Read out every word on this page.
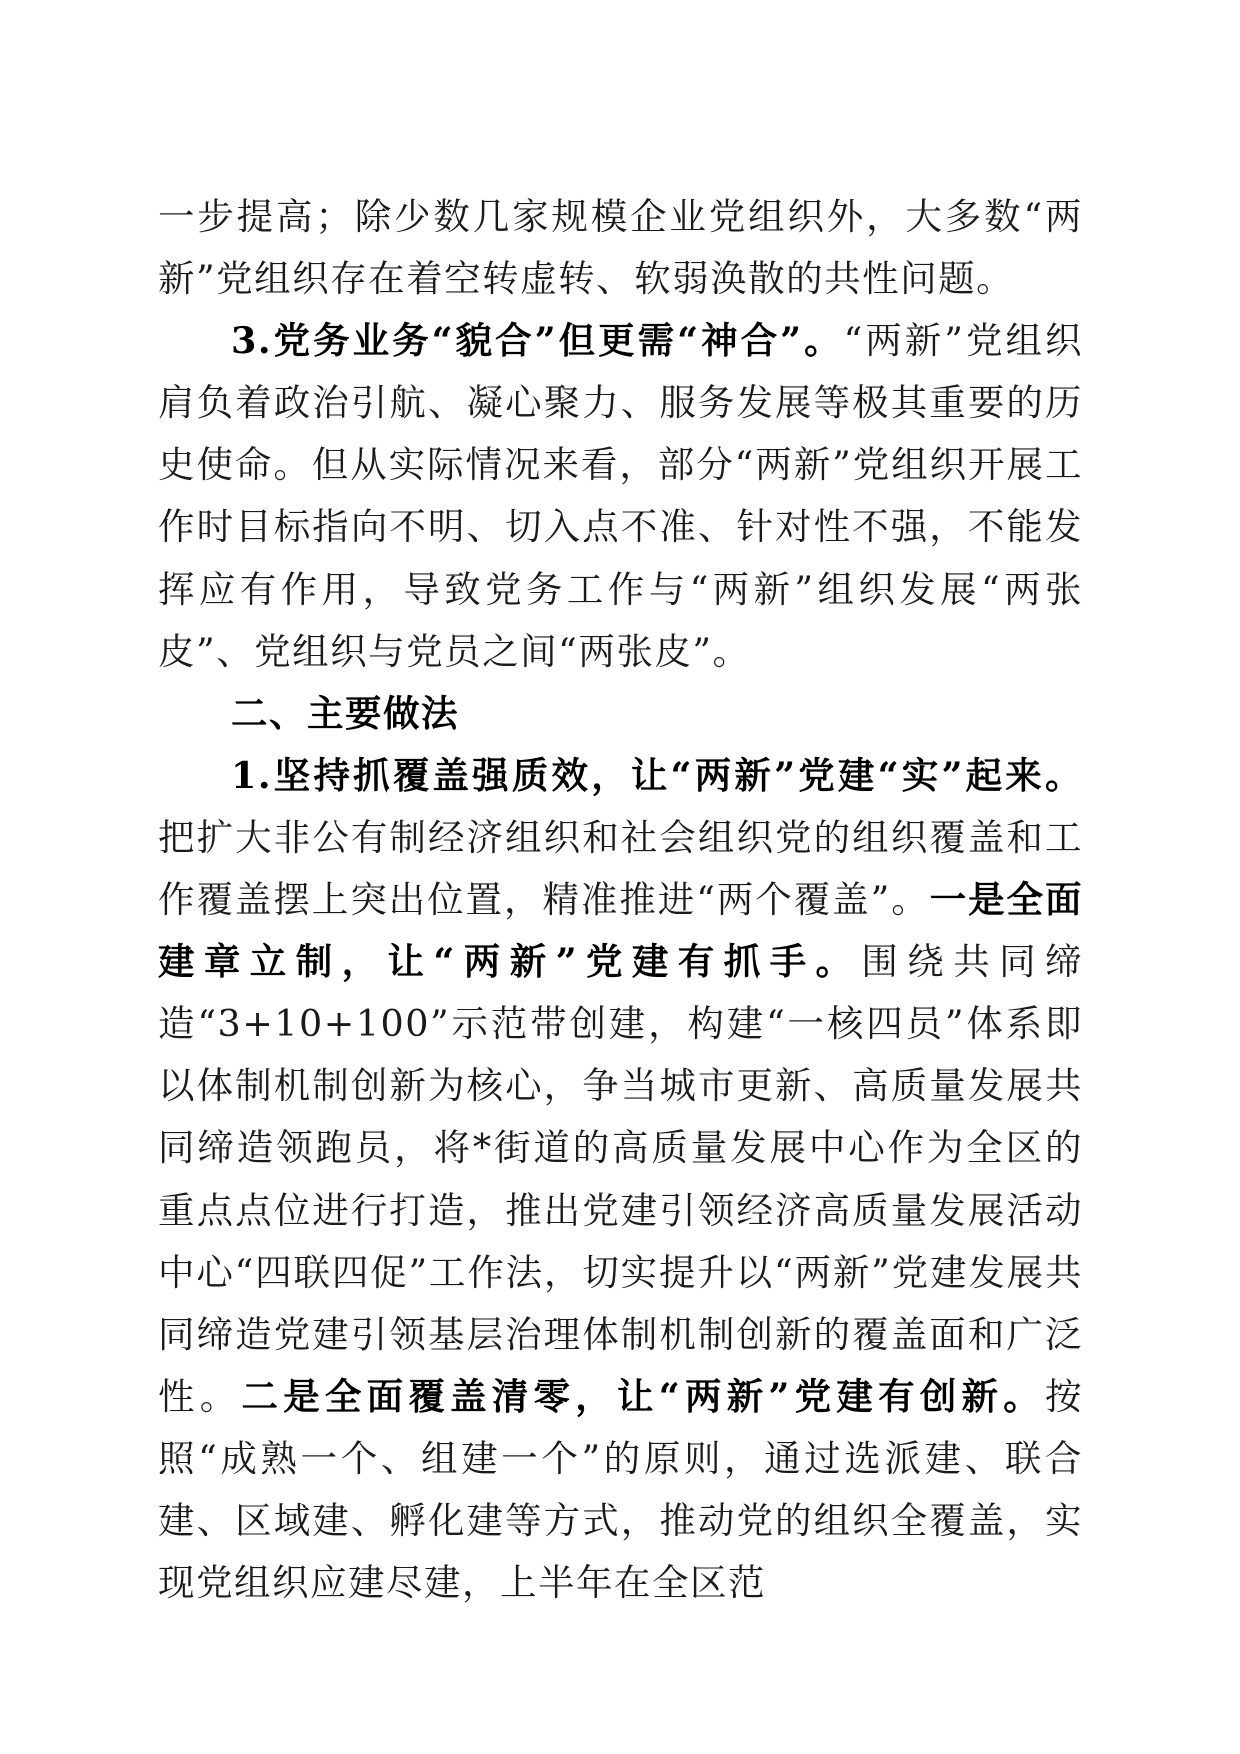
一步提高；除少数几家规模企业党组织外，大多数“两新”党组织存在着空转虚转、软弱涣散的共性问题。

3.党务业务“貌合”但更需“神合”。“两新”党组织肩负着政治引航、凝心聚力、服务发展等极其重要的历史使命。但从实际情况来看，部分“两新”党组织开展工作时目标指向不明、切入点不准、针对性不强，不能发挥应有作用，导致党务工作与“两新”组织发展“两张皮”、党组织与党员之间“两张皮”。

二、主要做法

1.坚持抓覆盖强质效，让“两新”党建“实”起来。把扩大非公有制经济组织和社会组织党的组织覆盖和工作覆盖摆上突出位置，精准推进“两个覆盖”。一是全面建章立制，让“两新”党建有抓手。围绕共同缔造“3+10+100”示范带创建，构建“一核四员”体系即以体制机制创新为核心，争当城市更新、高质量发展共同缔造领跑员，将*街道的高质量发展中心作为全区的重点点位进行打造，推出党建引领经济高质量发展活动中心“四联四促”工作法，切实提升以“两新”党建发展共同缔造党建引领基层治理体制机制创新的覆盖面和广泛性。二是全面覆盖清零，让“两新”党建有创新。按照“成熟一个、组建一个”的原则，通过选派建、联合建、区域建、孵化建等方式，推动党的组织全覆盖，实现党组织应建尽建，上半年在全区范
